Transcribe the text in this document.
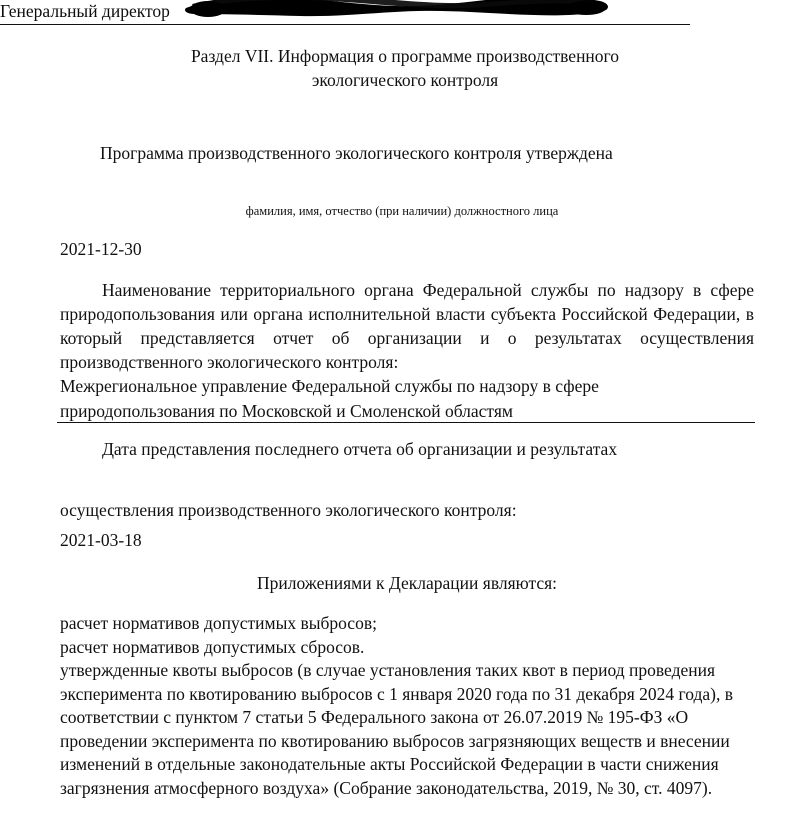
Раздел VII. Информация о программе производственного
экологического контроля
Программа производственного экологического контроля утверждена
Генеральный директор
фамилия, имя, отчество (при наличии) должностного лица
2021-12-30
Наименование территориального органа Федеральной службы по надзору в сфере природопользования или органа исполнительной власти субъекта Российской Федерации, в который представляется отчет об организации и о результатах осуществления производственного экологического контроля:
Межрегиональное управление Федеральной службы по надзору в сфере
природопользования по Московской и Смоленской областям
Дата представления последнего отчета об организации и результатах
осуществления производственного экологического контроля:
2021-03-18
Приложениями к Декларации являются:
расчет нормативов допустимых выбросов;
расчет нормативов допустимых сбросов.
утвержденные квоты выбросов (в случае установления таких квот в период проведения эксперимента по квотированию выбросов с 1 января 2020 года по 31 декабря 2024 года), в соответствии с пунктом 7 статьи 5 Федерального закона от 26.07.2019 № 195-ФЗ «О проведении эксперимента по квотированию выбросов загрязняющих веществ и внесении изменений в отдельные законодательные акты Российской Федерации в части снижения загрязнения атмосферного воздуха» (Собрание законодательства, 2019, № 30, ст. 4097).
